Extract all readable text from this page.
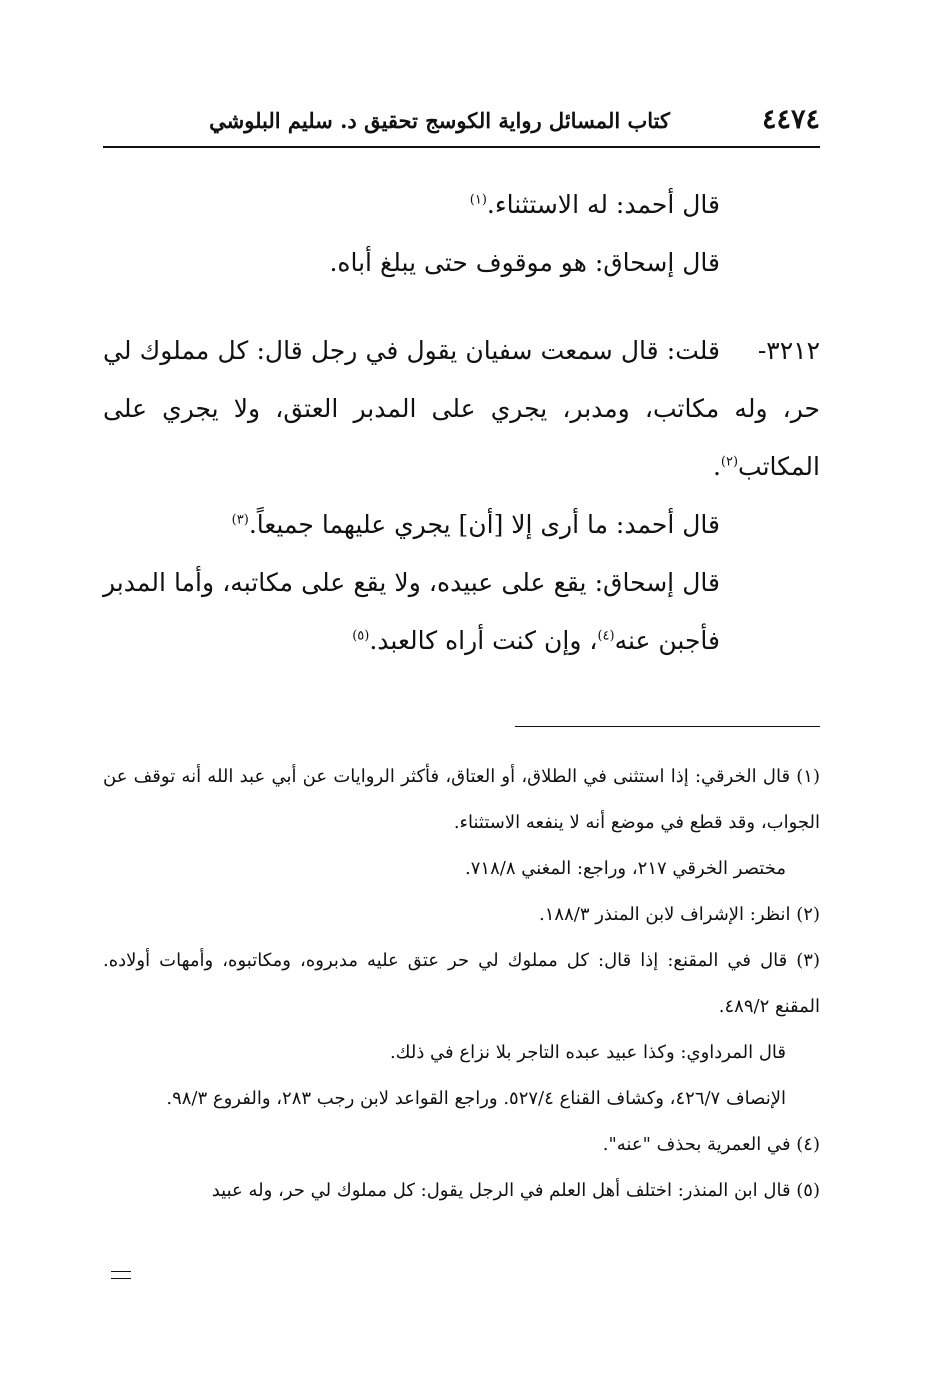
٤٤٧٤
كتاب المسائل رواية الكوسج تحقيق د. سليم البلوشي

قال أحمد: له الاستثناء.$^{(١)}$

قال إسحاق: هو موقوف حتى يبلغ أباه.

٣٢١٢-قلت: قال سمعت سفيان يقول في رجل قال: كل مملوك لي حر، وله مكاتب، ومدبر، يجري على المدبر العتق، ولا يجري على المكاتب$^{(٢)}$.

قال أحمد: ما أرى إلا [أن] يجري عليهما جميعاً.$^{(٣)}$

قال إسحاق: يقع على عبيده، ولا يقع على مكاتبه، وأما المدبر فأجبن عنه$^{(٤)}$، وإن كنت أراه كالعبد.$^{(٥)}$

(١) قال الخرقي: إذا استثنى في الطلاق، أو العتاق، فأكثر الروايات عن أبي عبد الله أنه توقف عن الجواب، وقد قطع في موضع أنه لا ينفعه الاستثناء.

مختصر الخرقي ٢١٧، وراجع: المغني ٧١٨/٨.

(٢) انظر: الإشراف لابن المنذر ١٨٨/٣.

(٣) قال في المقنع: إذا قال: كل مملوك لي حر عتق عليه مدبروه، ومكاتبوه، وأمهات أولاده. المقنع ٤٨٩/٢.

قال المرداوي: وكذا عبيد عبده التاجر بلا نزاع في ذلك.

الإنصاف ٤٢٦/٧، وكشاف القناع ٥٢٧/٤. وراجع القواعد لابن رجب ٢٨٣، والفروع ٩٨/٣.

(٤) في العمرية بحذف "عنه".

(٥) قال ابن المنذر: اختلف أهل العلم في الرجل يقول: كل مملوك لي حر، وله عبيد
